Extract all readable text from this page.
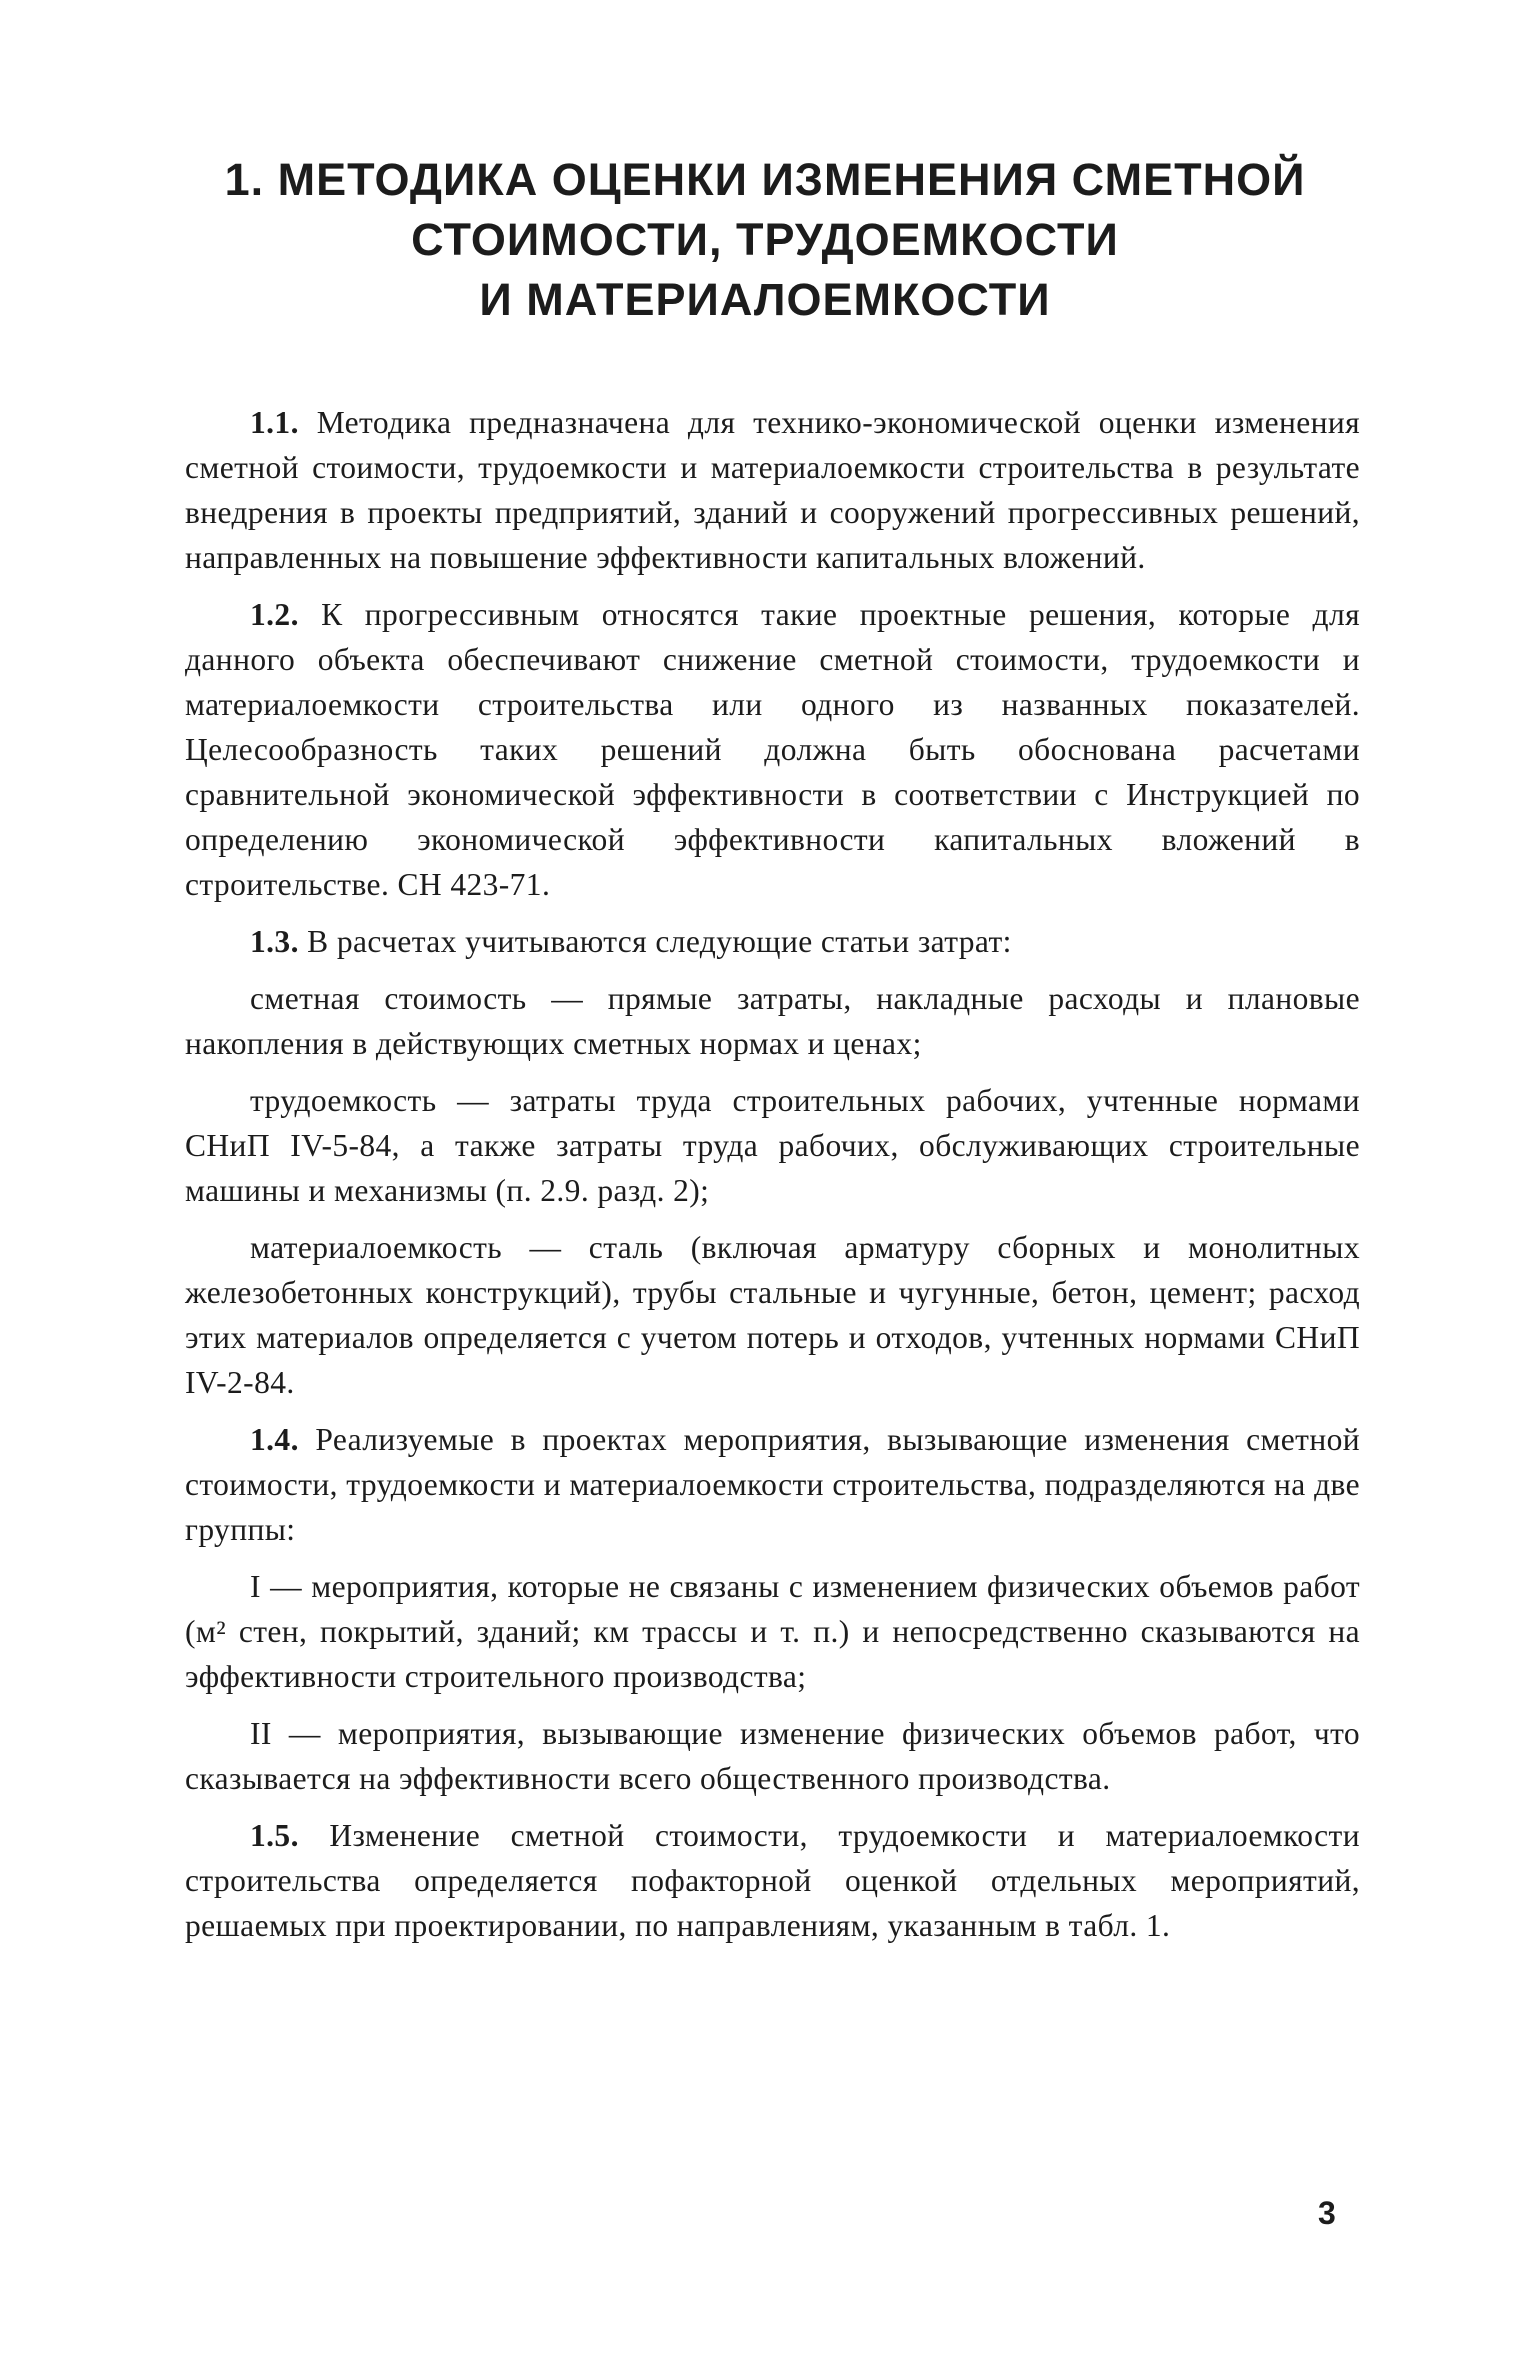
1. МЕТОДИКА ОЦЕНКИ ИЗМЕНЕНИЯ СМЕТНОЙ
СТОИМОСТИ, ТРУДОЕМКОСТИ
И МАТЕРИАЛОЕМКОСТИ

1.1. Методика предназначена для технико-экономической оценки изменения сметной стоимости, трудоемкости и материалоемкости строительства в результате внедрения в проекты предприятий, зданий и сооружений прогрессивных решений, направленных на повышение эффективности капитальных вложений.

1.2. К прогрессивным относятся такие проектные решения, которые для данного объекта обеспечивают снижение сметной стоимости, трудоемкости и материалоемкости строительства или одного из названных показателей. Целесообразность таких решений должна быть обоснована расчетами сравнительной экономической эффективности в соответствии с Инструкцией по определению экономической эффективности капитальных вложений в строительстве. СН 423-71.

1.3. В расчетах учитываются следующие статьи затрат:

сметная стоимость — прямые затраты, накладные расходы и плановые накопления в действующих сметных нормах и ценах;

трудоемкость — затраты труда строительных рабочих, учтенные нормами СНиП IV-5-84, а также затраты труда рабочих, обслуживающих строительные машины и механизмы (п. 2.9. разд. 2);

материалоемкость — сталь (включая арматуру сборных и монолитных железобетонных конструкций), трубы стальные и чугунные, бетон, цемент; расход этих материалов определяется с учетом потерь и отходов, учтенных нормами СНиП IV-2-84.

1.4. Реализуемые в проектах мероприятия, вызывающие изменения сметной стоимости, трудоемкости и материалоемкости строительства, подразделяются на две группы:

I — мероприятия, которые не связаны с изменением физических объемов работ (м² стен, покрытий, зданий; км трассы и т. п.) и непосредственно сказываются на эффективности строительного производства;

II — мероприятия, вызывающие изменение физических объемов работ, что сказывается на эффективности всего общественного производства.

1.5. Изменение сметной стоимости, трудоемкости и материалоемкости строительства определяется пофакторной оценкой отдельных мероприятий, решаемых при проектировании, по направлениям, указанным в табл. 1.

3
